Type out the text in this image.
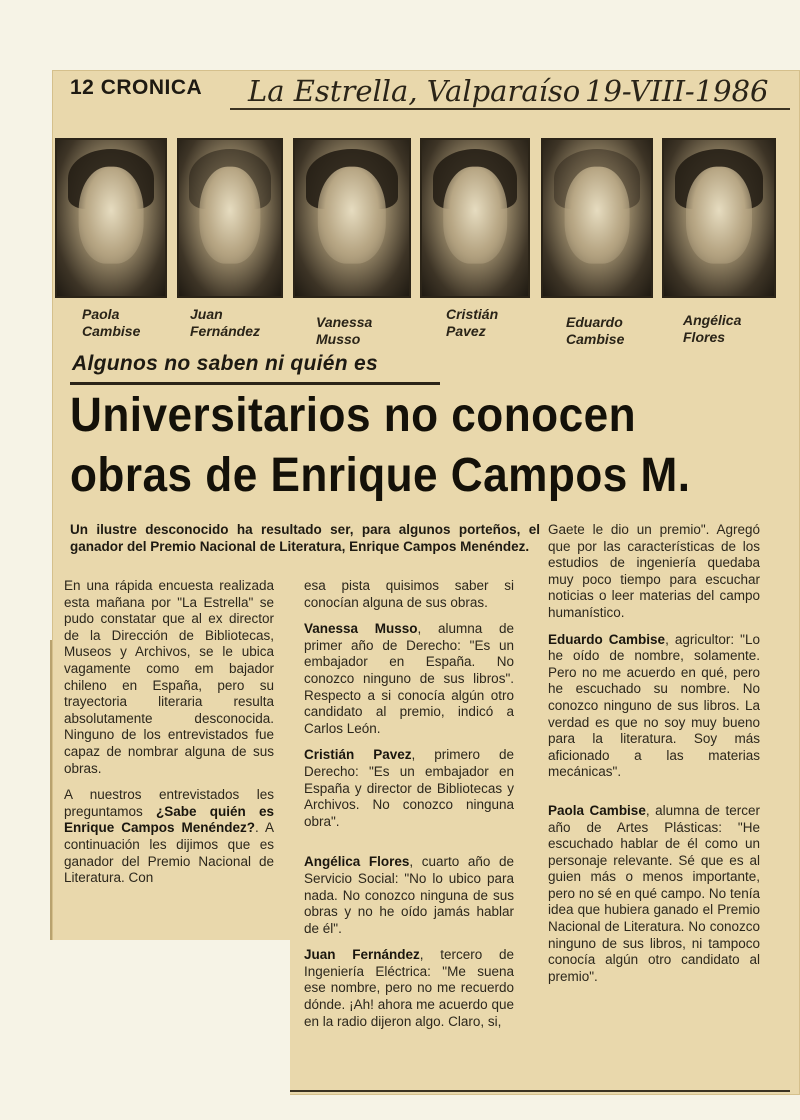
12 CRONICA La Estrella, Valparaíso 19-VIII-1986
Paola
Cambise
Juan
Fernández
Vanessa
Musso
Cristián
Pavez
Eduardo
Cambise
Angélica
Flores
Algunos no saben ni quién es
Universitarios no conocen
obras de Enrique Campos M.
Un ilustre desconocido ha resultado ser, para algunos porteños, el ganador del Premio Nacional de Literatura, Enrique Campos Menéndez.

En una rápida encuesta realizada esta mañana por "La Estrella" se pudo constatar que al ex director de la Dirección de Bibliotecas, Museos y Archivos, se le ubica vagamente como em bajador chileno en España, pero su trayectoria literaria resulta absolutamente desconocida. Ninguno de los entrevistados fue capaz de nombrar alguna de sus obras.

A nuestros entrevistados les preguntamos ¿Sabe quién es Enrique Campos Menéndez?. A continuación les dijimos que es ganador del Premio Nacional de Literatura. Con

esa pista quisimos saber si conocían alguna de sus obras.

Vanessa Musso, alumna de primer año de Derecho: "Es un embajador en España. No conozco ninguno de sus libros". Respecto a si conocía algún otro candidato al premio, indicó a Carlos León.

Cristián Pavez, primero de Derecho: "Es un embajador en España y director de Bibliotecas y Archivos. No conozco ninguna obra".

Angélica Flores, cuarto año de Servicio Social: "No lo ubico para nada. No conozco ninguna de sus obras y no he oído jamás hablar de él".

Juan Fernández, tercero de Ingeniería Eléctrica: "Me suena ese nombre, pero no me recuerdo dónde. ¡Ah! ahora me acuerdo que en la radio dijeron algo. Claro, si,

Gaete le dio un premio". Agregó que por las características de los estudios de ingeniería quedaba muy poco tiempo para escuchar noticias o leer materias del campo humanístico.

Eduardo Cambise, agricultor: "Lo he oído de nombre, solamente. Pero no me acuerdo en qué, pero he escuchado su nombre. No conozco ninguno de sus libros. La verdad es que no soy muy bueno para la literatura. Soy más aficionado a las materias mecánicas".

Paola Cambise, alumna de tercer año de Artes Plásticas: "He escuchado hablar de él como un personaje relevante. Sé que es al guien más o menos importante, pero no sé en qué campo. No tenía idea que hubiera ganado el Premio Nacional de Literatura. No conozco ninguno de sus libros, ni tampoco conocía algún otro candidato al premio".
